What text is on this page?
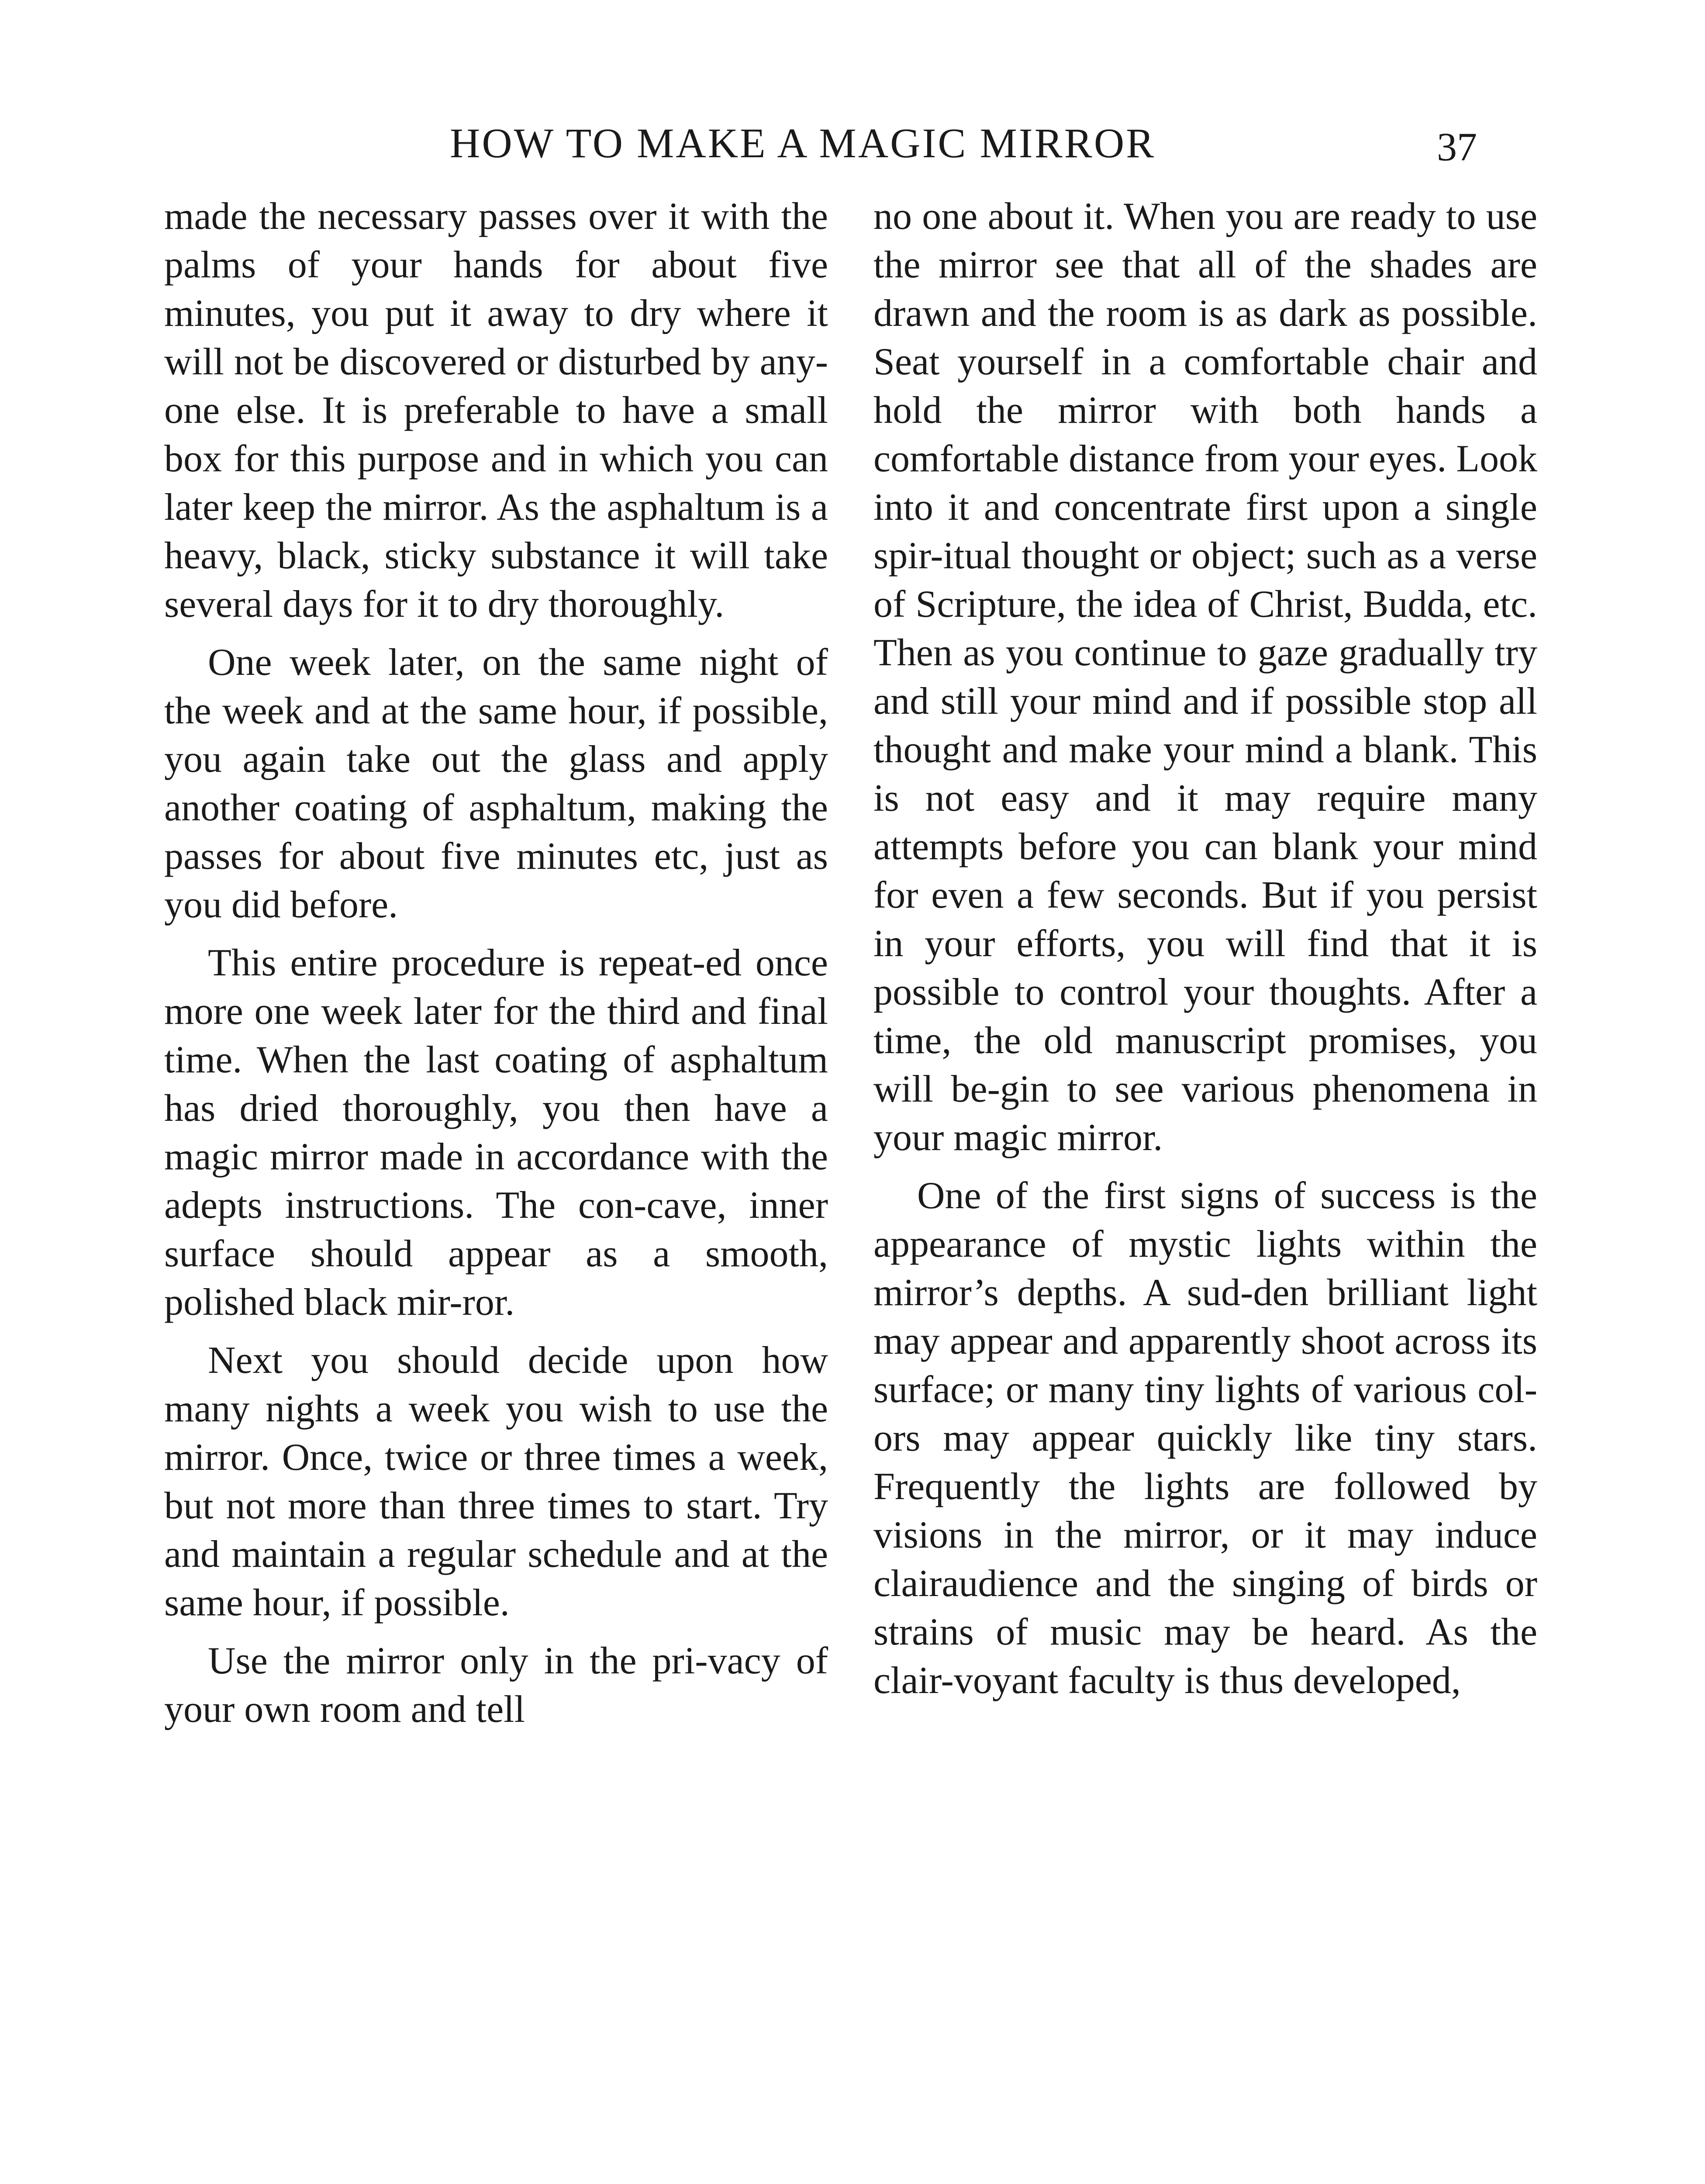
HOW TO MAKE A MAGIC MIRROR	37

made the necessary passes over it with the palms of your hands for about five minutes, you put it away to dry where it will not be discovered or disturbed by any-one else. It is preferable to have a small box for this purpose and in which you can later keep the mirror. As the asphaltum is a heavy, black, sticky substance it will take several days for it to dry thoroughly.

One week later, on the same night of the week and at the same hour, if possible, you again take out the glass and apply another coating of asphaltum, making the passes for about five minutes etc, just as you did before.

This entire procedure is repeat-ed once more one week later for the third and final time. When the last coating of asphaltum has dried thoroughly, you then have a magic mirror made in accordance with the adepts instructions. The con-cave, inner surface should appear as a smooth, polished black mir-ror.

Next you should decide upon how many nights a week you wish to use the mirror. Once, twice or three times a week, but not more than three times to start. Try and maintain a regular schedule and at the same hour, if possible.

Use the mirror only in the pri-vacy of your own room and tell

no one about it. When you are ready to use the mirror see that all of the shades are drawn and the room is as dark as possible. Seat yourself in a comfortable chair and hold the mirror with both hands a comfortable distance from your eyes. Look into it and concentrate first upon a single spir-itual thought or object; such as a verse of Scripture, the idea of Christ, Budda, etc. Then as you continue to gaze gradually try and still your mind and if possible stop all thought and make your mind a blank. This is not easy and it may require many attempts before you can blank your mind for even a few seconds. But if you persist in your efforts, you will find that it is possible to control your thoughts. After a time, the old manuscript promises, you will be-gin to see various phenomena in your magic mirror.

One of the first signs of success is the appearance of mystic lights within the mirror’s depths. A sud-den brilliant light may appear and apparently shoot across its surface; or many tiny lights of various col-ors may appear quickly like tiny stars. Frequently the lights are followed by visions in the mirror, or it may induce clairaudience and the singing of birds or strains of music may be heard. As the clair-voyant faculty is thus developed,
